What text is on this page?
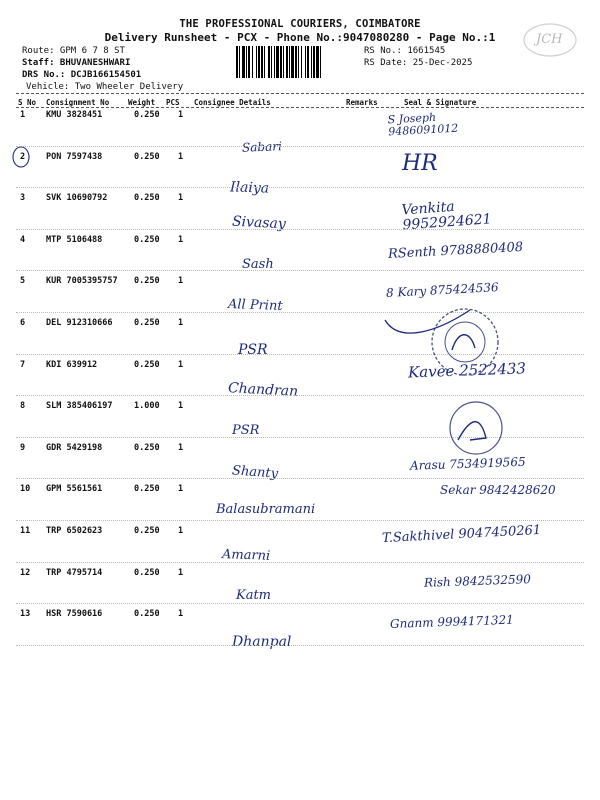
THE PROFESSIONAL COURIERS, COIMBATORE
Delivery Runsheet - PCX - Phone No.:9047080280 - Page No.:1
Route: GPM 6 7 8 ST
Staff: BHUVANESHWARI
DRS No.: DCJB166154501
Vehicle: Two Wheeler Delivery
RS No.: 1661545
RS Date: 25-Dec-2025
JCH
S No Consignment No	Weight PCS Consignee Details	Remarks	Seal & Signature
1 KMU 3828451	0.250 1
Sabari
S Joseph 9486091012
2 PON 7597438	0.250 1
Ilaiya
HR
3 SVK 10690792	0.250 1
Sivasay
Venkita 9952924621
4 MTP 5106488	0.250 1
Sash
RSenth 9788880408
5 KUR 7005395757 0.250 1
All Print
8 Kary 875424536
6 DEL 912310666	0.250 1
PSR
7 KDI 639912	0.250 1
Chandran
Kavee 2522433
8 SLM 385406197	1.000 1
PSR
9 GDR 5429198	0.250 1
Shanty	Arasu 7534919565
10 GPM 5561561	0.250 1
Balasubramani
Sekar 9842428620
11 TRP 6502623	0.250 1
Amarni
T.Sakthivel 9047450261
12 TRP 4795714	0.250 1
Katm
Rish 9842532590
13 HSR 7590616	0.250 1
Dhanpal
Gnanm 9994171321
